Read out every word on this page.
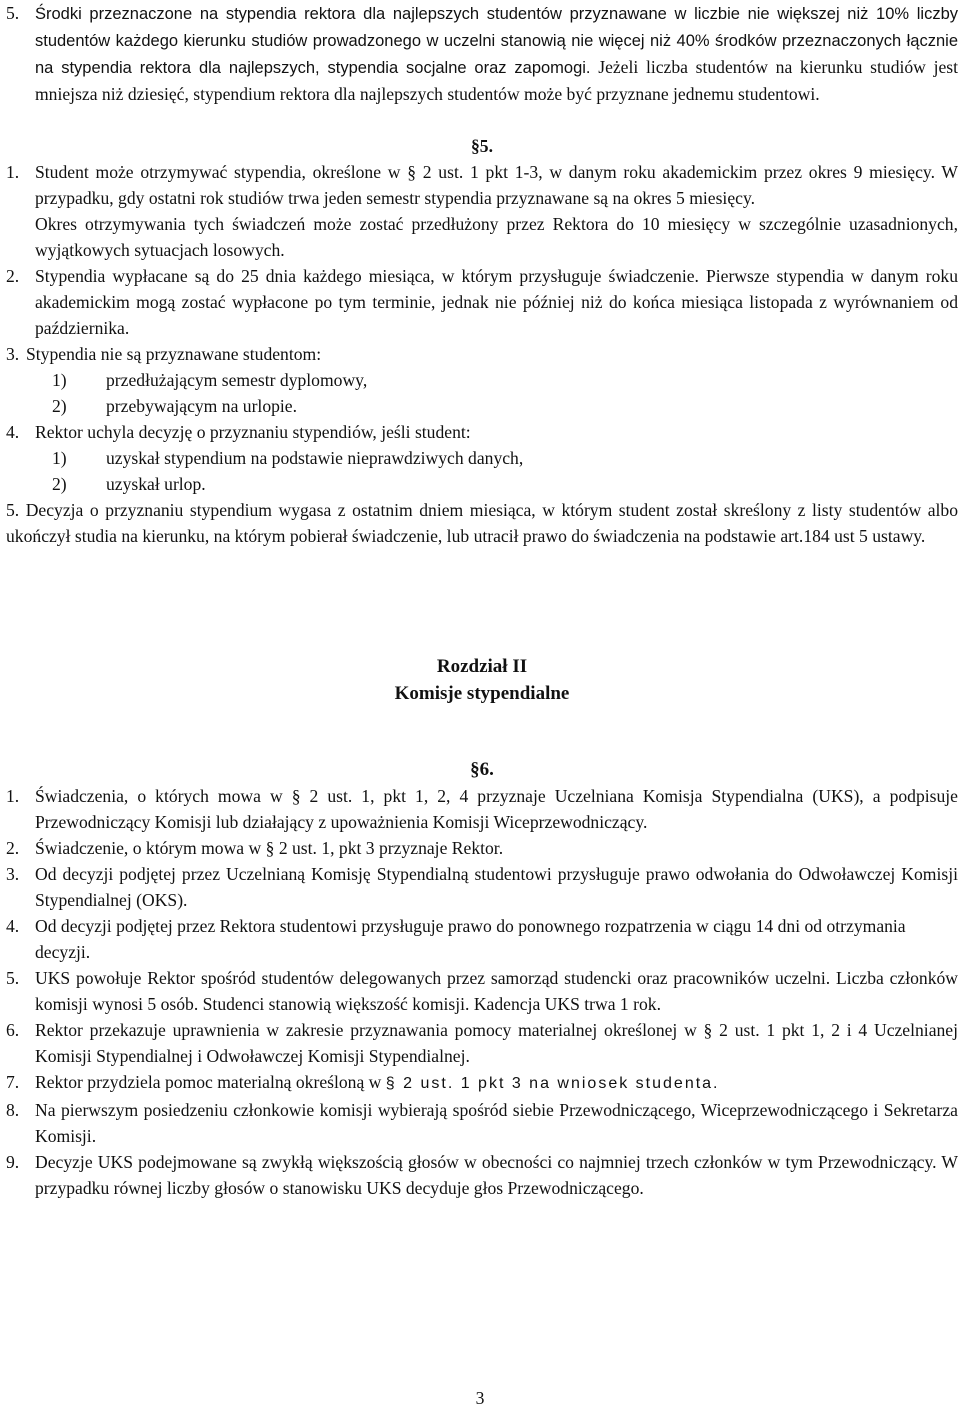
5. Środki przeznaczone na stypendia rektora dla najlepszych studentów przyznawane w liczbie nie większej niż 10% liczby studentów każdego kierunku studiów prowadzonego w uczelni stanowią nie więcej niż 40% środków przeznaczonych łącznie na stypendia rektora dla najlepszych, stypendia socjalne oraz zapomogi. Jeżeli liczba studentów na kierunku studiów jest mniejsza niż dziesięć, stypendium rektora dla najlepszych studentów może być przyznane jednemu studentowi.
§5.
1. Student może otrzymywać stypendia, określone w § 2 ust. 1 pkt 1-3, w danym roku akademickim przez okres 9 miesięcy. W przypadku, gdy ostatni rok studiów trwa jeden semestr stypendia przyznawane są na okres 5 miesięcy.
Okres otrzymywania tych świadczeń może zostać przedłużony przez Rektora do 10 miesięcy w szczególnie uzasadnionych, wyjątkowych sytuacjach losowych.
2. Stypendia wypłacane są do 25 dnia każdego miesiąca, w którym przysługuje świadczenie. Pierwsze stypendia w danym roku akademickim mogą zostać wypłacone po tym terminie, jednak nie później niż do końca miesiąca listopada z wyrównaniem od października.
3. Stypendia nie są przyznawane studentom:
1)	przedłużającym semestr dyplomowy,
2)	przebywającym na urlopie.
4. Rektor uchyla decyzję o przyznaniu stypendiów, jeśli student:
1)	uzyskał stypendium na podstawie nieprawdziwych danych,
2)	uzyskał urlop.
5. Decyzja o przyznaniu stypendium wygasa z ostatnim dniem miesiąca, w którym student został skreślony z listy studentów albo ukończył studia na kierunku, na którym pobierał świadczenie, lub utracił prawo do świadczenia na podstawie art.184 ust 5 ustawy.
Rozdział II
Komisje stypendialne
§6.
1. Świadczenia, o których mowa w § 2 ust. 1, pkt 1, 2, 4 przyznaje Uczelniana Komisja Stypendialna (UKS), a podpisuje Przewodniczący Komisji lub działający z upoważnienia Komisji Wiceprzewodniczący.
2. Świadczenie, o którym mowa w § 2 ust. 1, pkt 3 przyznaje Rektor.
3. Od decyzji podjętej przez Uczelnianą Komisję Stypendialną studentowi przysługuje prawo odwołania do Odwoławczej Komisji Stypendialnej (OKS).
4. Od decyzji podjętej przez Rektora studentowi przysługuje prawo do ponownego rozpatrzenia w ciągu 14 dni od otrzymania decyzji.
5. UKS powołuje Rektor spośród studentów delegowanych przez samorząd studencki oraz pracowników uczelni. Liczba członków komisji wynosi 5 osób. Studenci stanowią większość komisji. Kadencja UKS trwa 1 rok.
6. Rektor przekazuje uprawnienia w zakresie przyznawania pomocy materialnej określonej w § 2 ust. 1 pkt 1, 2 i 4 Uczelnianej Komisji Stypendialnej i Odwoławczej Komisji Stypendialnej.
7. Rektor przydziela pomoc materialną określoną w § 2 ust. 1 pkt 3 na wniosek studenta.
8. Na pierwszym posiedzeniu członkowie komisji wybierają spośród siebie Przewodniczącego, Wiceprzewodniczącego i Sekretarza Komisji.
9. Decyzje UKS podejmowane są zwykłą większością głosów w obecności co najmniej trzech członków w tym Przewodniczący. W przypadku równej liczby głosów o stanowisku UKS decyduje głos Przewodniczącego.
3
